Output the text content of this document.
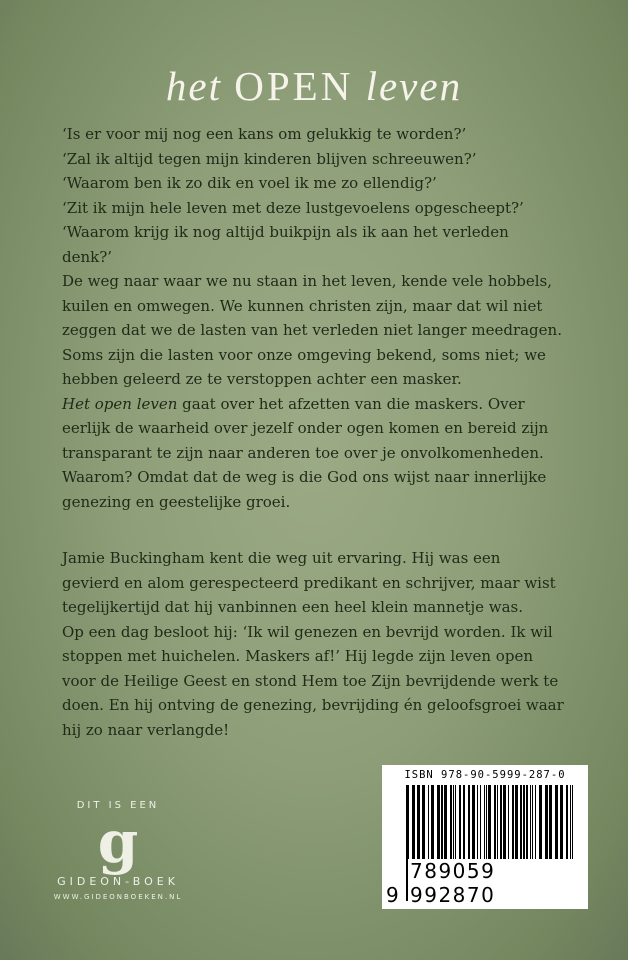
het OPEN leven
‘Is er voor mij nog een kans om gelukkig te worden?’
‘Zal ik altijd tegen mijn kinderen blijven schreeuwen?’
‘Waarom ben ik zo dik en voel ik me zo ellendig?’
‘Zit ik mijn hele leven met deze lustgevoelens opgescheept?’
‘Waarom krijg ik nog altijd buikpijn als ik aan het verleden
denk?’
De weg naar waar we nu staan in het leven, kende vele hobbels,
kuilen en omwegen. We kunnen christen zijn, maar dat wil niet
zeggen dat we de lasten van het verleden niet langer meedragen.
Soms zijn die lasten voor onze omgeving bekend, soms niet; we
hebben geleerd ze te verstoppen achter een masker.
Het open leven gaat over het afzetten van die maskers. Over
eerlijk de waarheid over jezelf onder ogen komen en bereid zijn
transparant te zijn naar anderen toe over je onvolkomenheden.
Waarom? Omdat dat de weg is die God ons wijst naar innerlijke
genezing en geestelijke groei.
Jamie Buckingham kent die weg uit ervaring. Hij was een
gevierd en alom gerespecteerd predikant en schrijver, maar wist
tegelijkertijd dat hij vanbinnen een heel klein mannetje was.
Op een dag besloot hij: ‘Ik wil genezen en bevrijd worden. Ik wil
stoppen met huichelen. Maskers af!’ Hij legde zijn leven open
voor de Heilige Geest en stond Hem toe Zijn bevrijdende werk te
doen. En hij ontving de genezing, bevrijding én geloofsgroei waar
hij zo naar verlangde!
DIT IS EEN
g
GIDEON-BOEK
WWW.GIDEONBOEKEN.NL
ISBN 978-90-5999-287-0
9
789059 992870
